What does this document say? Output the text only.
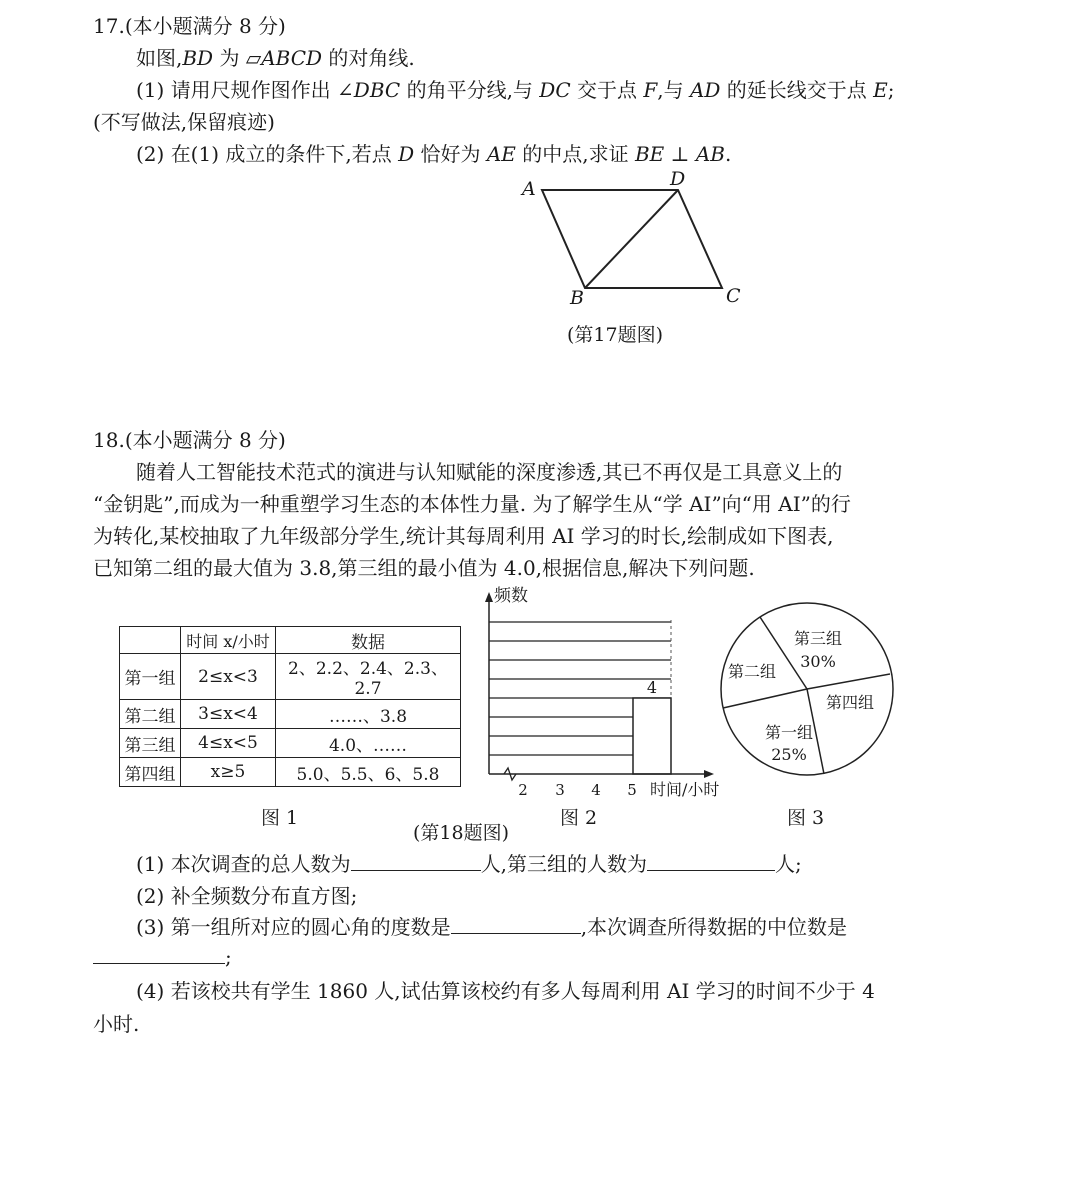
17.(本小题满分 8 分)
如图,BD 为 ▱ABCD 的对角线.
(1) 请用尺规作图作出 ∠DBC 的角平分线,与 DC 交于点 F,与 AD 的延长线交于点 E;
(不写做法,保留痕迹)
(2) 在(1) 成立的条件下,若点 D 恰好为 AE 的中点,求证 BE ⊥ AB.
A	D
B	C
(第17题图)
18.(本小题满分 8 分)
随着人工智能技术范式的演进与认知赋能的深度渗透,其已不再仅是工具意义上的
“金钥匙”,而成为一种重塑学习生态的本体性力量. 为了解学生从“学 AI”向“用 AI”的行
为转化,某校抽取了九年级部分学生,统计其每周利用 AI 学习的时长,绘制成如下图表,
已知第二组的最大值为 3.8,第三组的最小值为 4.0,根据信息,解决下列问题.
	时间 x/小时	数据
第一组	2≤x<3	2、2.2、2.4、2.3、2.7
第二组	3≤x<4	……、3.8
第三组	4≤x<5	4.0、……
第四组	x≥5	5.0、5.5、6、5.8
4
频数
2 3 4 5 时间/小时
第三组
30%
第二组
第四组
第一组
25%
图 1	图 2	图 3
(第18题图)
(1) 本次调查的总人数为	人,第三组的人数为	人;
(2) 补全频数分布直方图;
(3) 第一组所对应的圆心角的度数是	,本次调查所得数据的中位数是
;
(4) 若该校共有学生 1860 人,试估算该校约有多人每周利用 AI 学习的时间不少于 4
小时.
